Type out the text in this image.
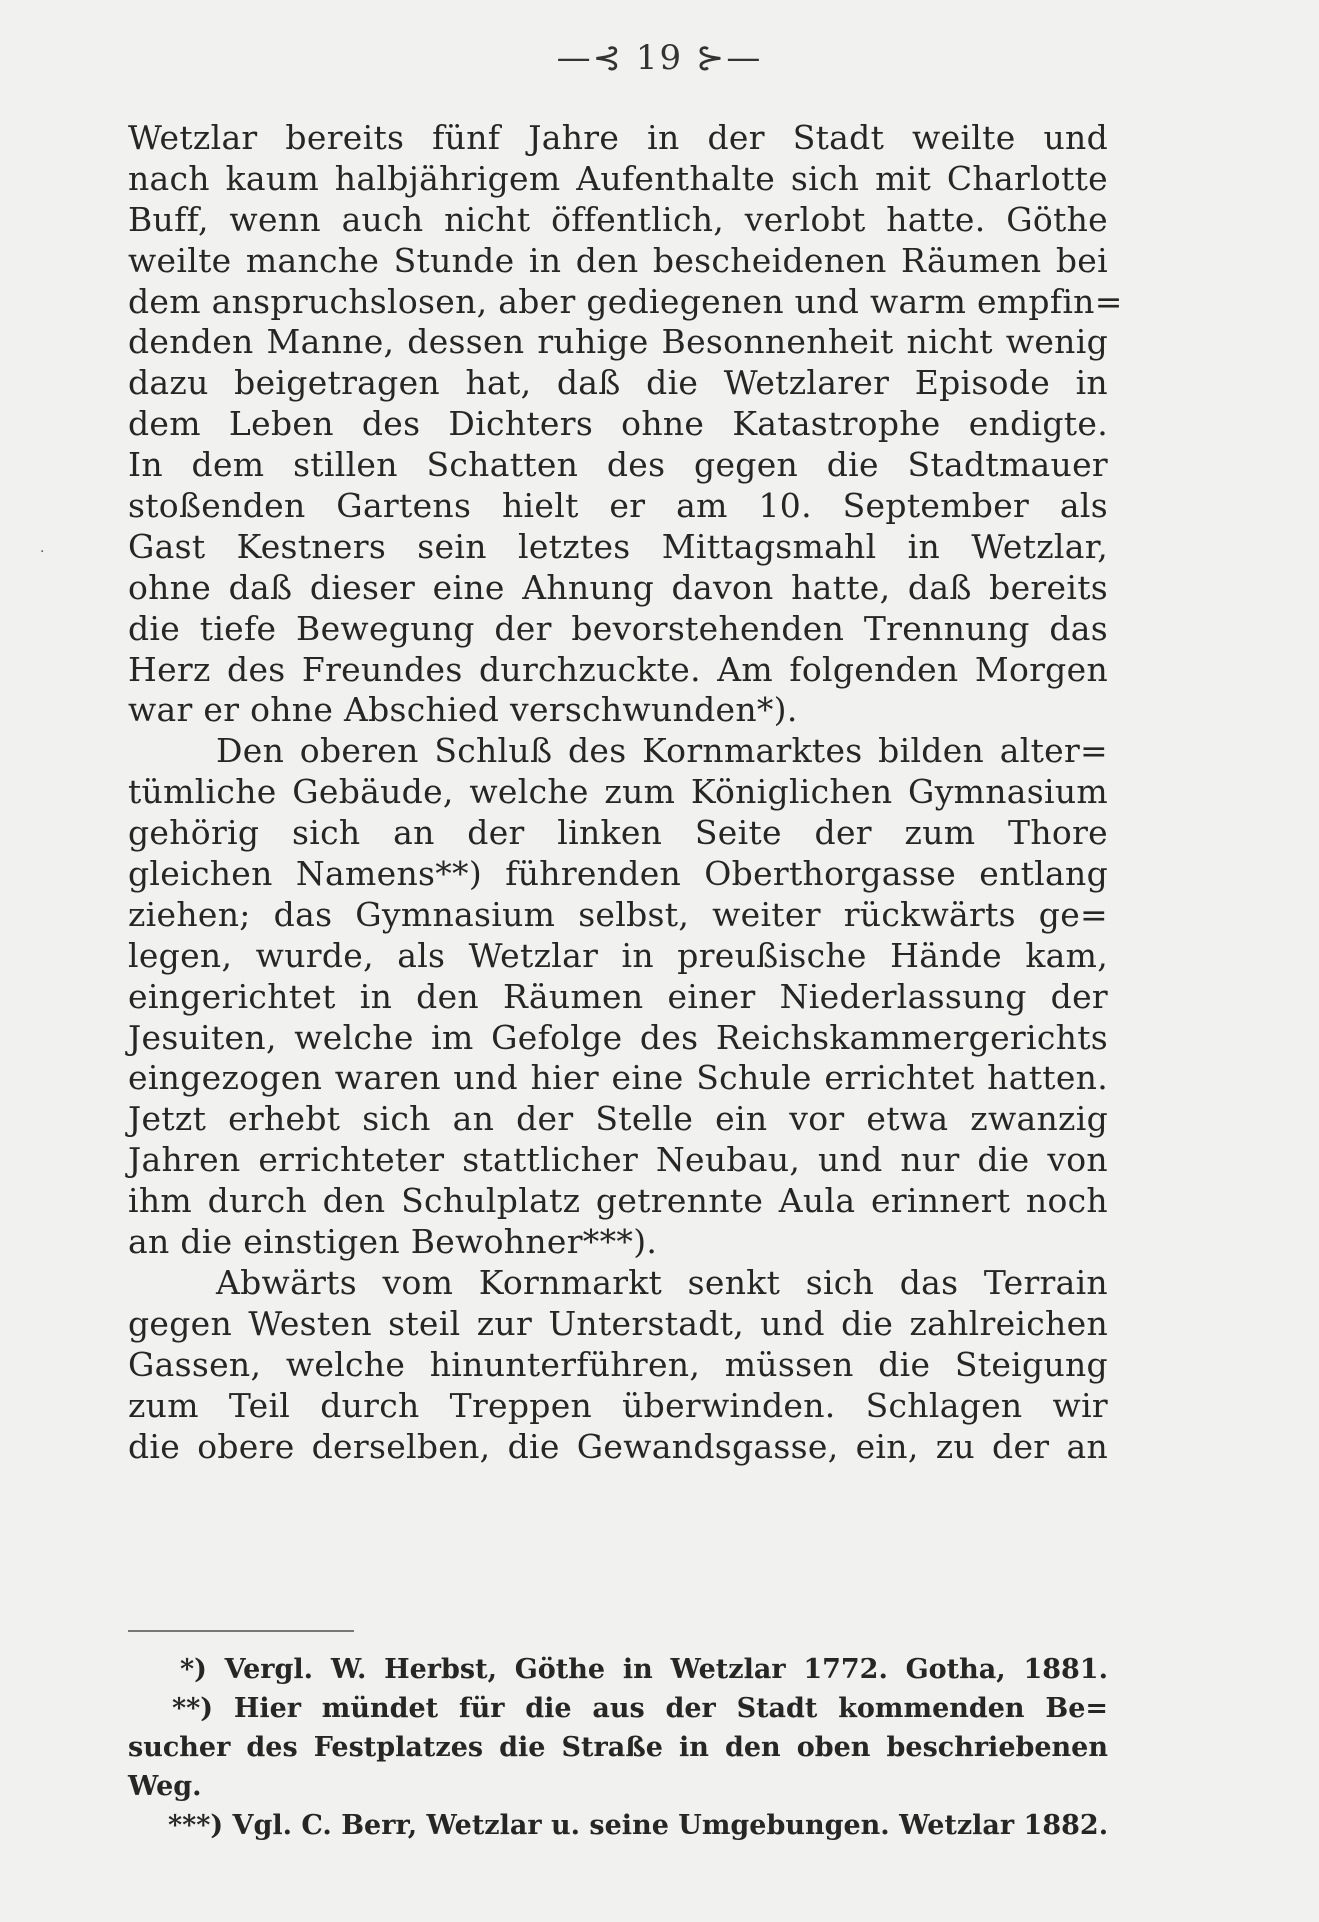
—⊰ 19 ⊱—
·
Wetzlar bereits fünf Jahre in der Stadt weilte und
nach kaum halbjährigem Aufenthalte sich mit Charlotte
Buff, wenn auch nicht öffentlich, verlobt hatte. Göthe
weilte manche Stunde in den bescheidenen Räumen bei
dem anspruchslosen, aber gediegenen und warm empfin=
denden Manne, dessen ruhige Besonnenheit nicht wenig
dazu beigetragen hat, daß die Wetzlarer Episode in
dem Leben des Dichters ohne Katastrophe endigte.
In dem stillen Schatten des gegen die Stadtmauer
stoßenden Gartens hielt er am 10. September als
Gast Kestners sein letztes Mittagsmahl in Wetzlar,
ohne daß dieser eine Ahnung davon hatte, daß bereits
die tiefe Bewegung der bevorstehenden Trennung das
Herz des Freundes durchzuckte. Am folgenden Morgen
war er ohne Abschied verschwunden*).
Den oberen Schluß des Kornmarktes bilden alter=
tümliche Gebäude, welche zum Königlichen Gymnasium
gehörig sich an der linken Seite der zum Thore
gleichen Namens**) führenden Oberthorgasse entlang
ziehen; das Gymnasium selbst, weiter rückwärts ge=
legen, wurde, als Wetzlar in preußische Hände kam,
eingerichtet in den Räumen einer Niederlassung der
Jesuiten, welche im Gefolge des Reichskammergerichts
eingezogen waren und hier eine Schule errichtet hatten.
Jetzt erhebt sich an der Stelle ein vor etwa zwanzig
Jahren errichteter stattlicher Neubau, und nur die von
ihm durch den Schulplatz getrennte Aula erinnert noch
an die einstigen Bewohner***).
Abwärts vom Kornmarkt senkt sich das Terrain
gegen Westen steil zur Unterstadt, und die zahlreichen
Gassen, welche hinunterführen, müssen die Steigung
zum Teil durch Treppen überwinden. Schlagen wir
die obere derselben, die Gewandsgasse, ein, zu der an
*) Vergl. W. Herbst, Göthe in Wetzlar 1772. Gotha, 1881.
**) Hier mündet für die aus der Stadt kommenden Be=
sucher des Festplatzes die Straße in den oben beschriebenen
Weg.
***) Vgl. C. Berr, Wetzlar u. seine Umgebungen. Wetzlar 1882.
